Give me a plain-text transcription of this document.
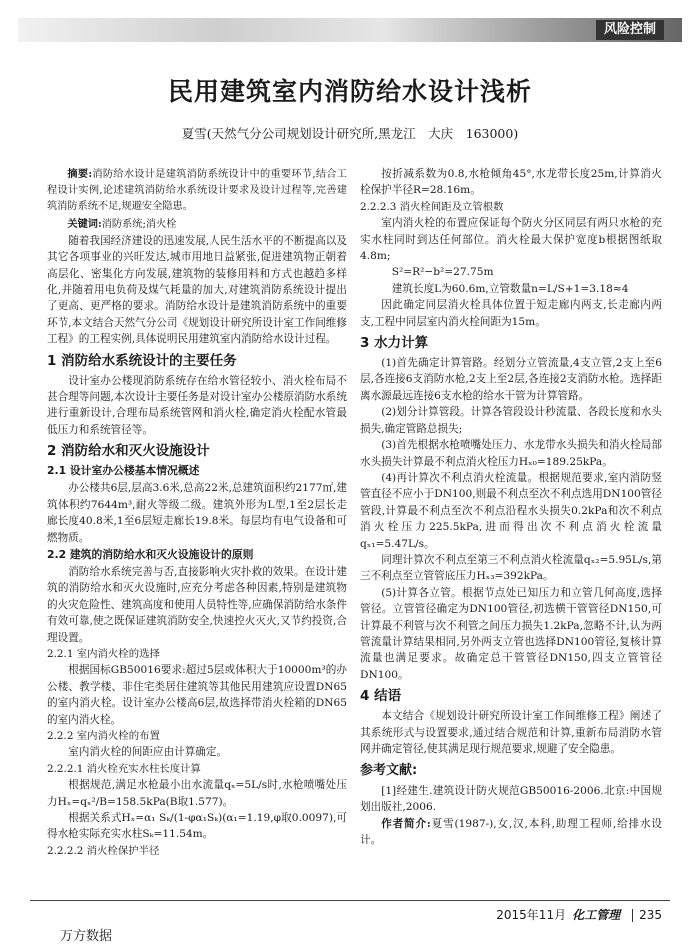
风险控制
民用建筑室内消防给水设计浅析
夏雪(天然气分公司规划设计研究所,黑龙江　大庆　163000)

摘要:消防给水设计是建筑消防系统设计中的重要环节,结合工程设计实例,论述建筑消防给水系统设计要求及设计过程等,完善建筑消防系统不足,规避安全隐患。

关键词:消防系统;消火栓

随着我国经济建设的迅速发展,人民生活水平的不断提高以及其它各项事业的兴旺发达,城市用地日益紧张,促进建筑物正朝着高层化、密集化方向发展,建筑物的装修用料和方式也越趋多样化,并随着用电负荷及煤气耗量的加大,对建筑消防系统设计提出了更高、更严格的要求。消防给水设计是建筑消防系统中的重要环节,本文结合天然气分公司《规划设计研究所设计室工作间维修工程》的工程实例,具体说明民用建筑室内消防给水设计过程。

1 消防给水系统设计的主要任务

设计室办公楼现消防系统存在给水管径较小、消火栓布局不甚合理等问题,本次设计主要任务是对设计室办公楼原消防水系统进行重新设计,合理布局系统管网和消火栓,确定消火栓配水管最低压力和系统管径等。

2 消防给水和灭火设施设计
2.1 设计室办公楼基本情况概述

办公楼共6层,层高3.6米,总高22米,总建筑面积约2177㎡,建筑体积约7644m³,耐火等级二级。建筑外形为L型,1至2层长走廊长度40.8米,1至6层短走廊长19.8米。每层均有电气设备和可燃物质。

2.2 建筑的消防给水和灭火设施设计的原则

消防给水系统完善与否,直接影响火灾扑救的效果。在设计建筑的消防给水和灭火设施时,应充分考虑各种因素,特别是建筑物的火灾危险性、建筑高度和使用人员特性等,应确保消防给水条件有效可靠,使之既保证建筑消防安全,快速控火灭火,又节约投资,合理设置。

2.2.1 室内消火栓的选择

根据国标GB50016要求:超过5层或体积大于10000m³的办公楼、教学楼、非住宅类居住建筑等其他民用建筑应设置DN65的室内消火栓。设计室办公楼高6层,故选择带消火栓箱的DN65的室内消火栓。

2.2.2 室内消火栓的布置

室内消火栓的间距应由计算确定。

2.2.2.1 消火栓充实水柱长度计算

根据规范,满足水枪最小出水流量qₓ=5L/s时,水枪喷嘴处压力Hₓ=qₓ²/B=158.5kPa(B取1.577)。

根据关系式Hₓ=α₁ Sₖ/(1-φα₁Sₖ)(α₁=1.19,φ取0.0097),可得水枪实际充实水柱Sₖ=11.54m。

2.2.2.2 消火栓保护半径

按折减系数为0.8,水枪倾角45°,水龙带长度25m,计算消火栓保护半径R=28.16m。

2.2.2.3 消火栓间距及立管根数

室内消火栓的布置应保证每个防火分区同层有两只水枪的充实水柱同时到达任何部位。消火栓最大保护宽度b根据图纸取4.8m;

S²=R²−b²=27.75m

建筑长度L为60.6m,立管数量n=L/S+1=3.18≈4

因此确定同层消火栓具体位置于短走廊内两支,长走廊内两支,工程中同层室内消火栓间距为15m。

3 水力计算

(1)首先确定计算管路。经划分立管流量,4支立管,2支上至6层,各连接6支消防水枪,2支上至2层,各连接2支消防水枪。选择距离水源最远连接6支水枪的给水干管为计算管路。

(2)划分计算管段。计算各管段设计秒流量、各段长度和水头损失,确定管路总损失;

(3)首先根据水枪喷嘴处压力、水龙带水头损失和消火栓局部水头损失计算最不利点消火栓压力Hₓ₀=189.25kPa。

(4)再计算次不利点消火栓流量。根据规范要求,室内消防竖管直径不应小于DN100,则最不利点至次不利点选用DN100管径管段,计算最不利点至次不利点沿程水头损失0.2kPa和次不利点消火栓压力225.5kPa,进而得出次不利点消火栓流量qₓ₁=5.47L/s。

同理计算次不利点至第三不利点消火栓流量qₓ₂=5.95L/s,第三不利点至立管管底压力Hₓ₃=392kPa。

(5)计算各立管。根据节点处已知压力和立管几何高度,选择管径。立管管径确定为DN100管径,初选横干管管径DN150,可计算最不利管与次不利管之间压力损失1.2kPa,忽略不计,认为两管流量计算结果相同,另外两支立管也选择DN100管径,复核计算流量也满足要求。故确定总干管管径DN150,四支立管管径DN100。

4 结语

本文结合《规划设计研究所设计室工作间维修工程》阐述了其系统形式与设置要求,通过结合规范和计算,重新布局消防水管网并确定管径,使其满足现行规范要求,规避了安全隐患。

参考文献:

[1]经建生.建筑设计防火规范GB50016-2006.北京:中国规划出版社,2006.

作者简介:夏雪(1987-),女,汉,本科,助理工程师,给排水设计。

2015年11月 化工管理 235
万方数据
